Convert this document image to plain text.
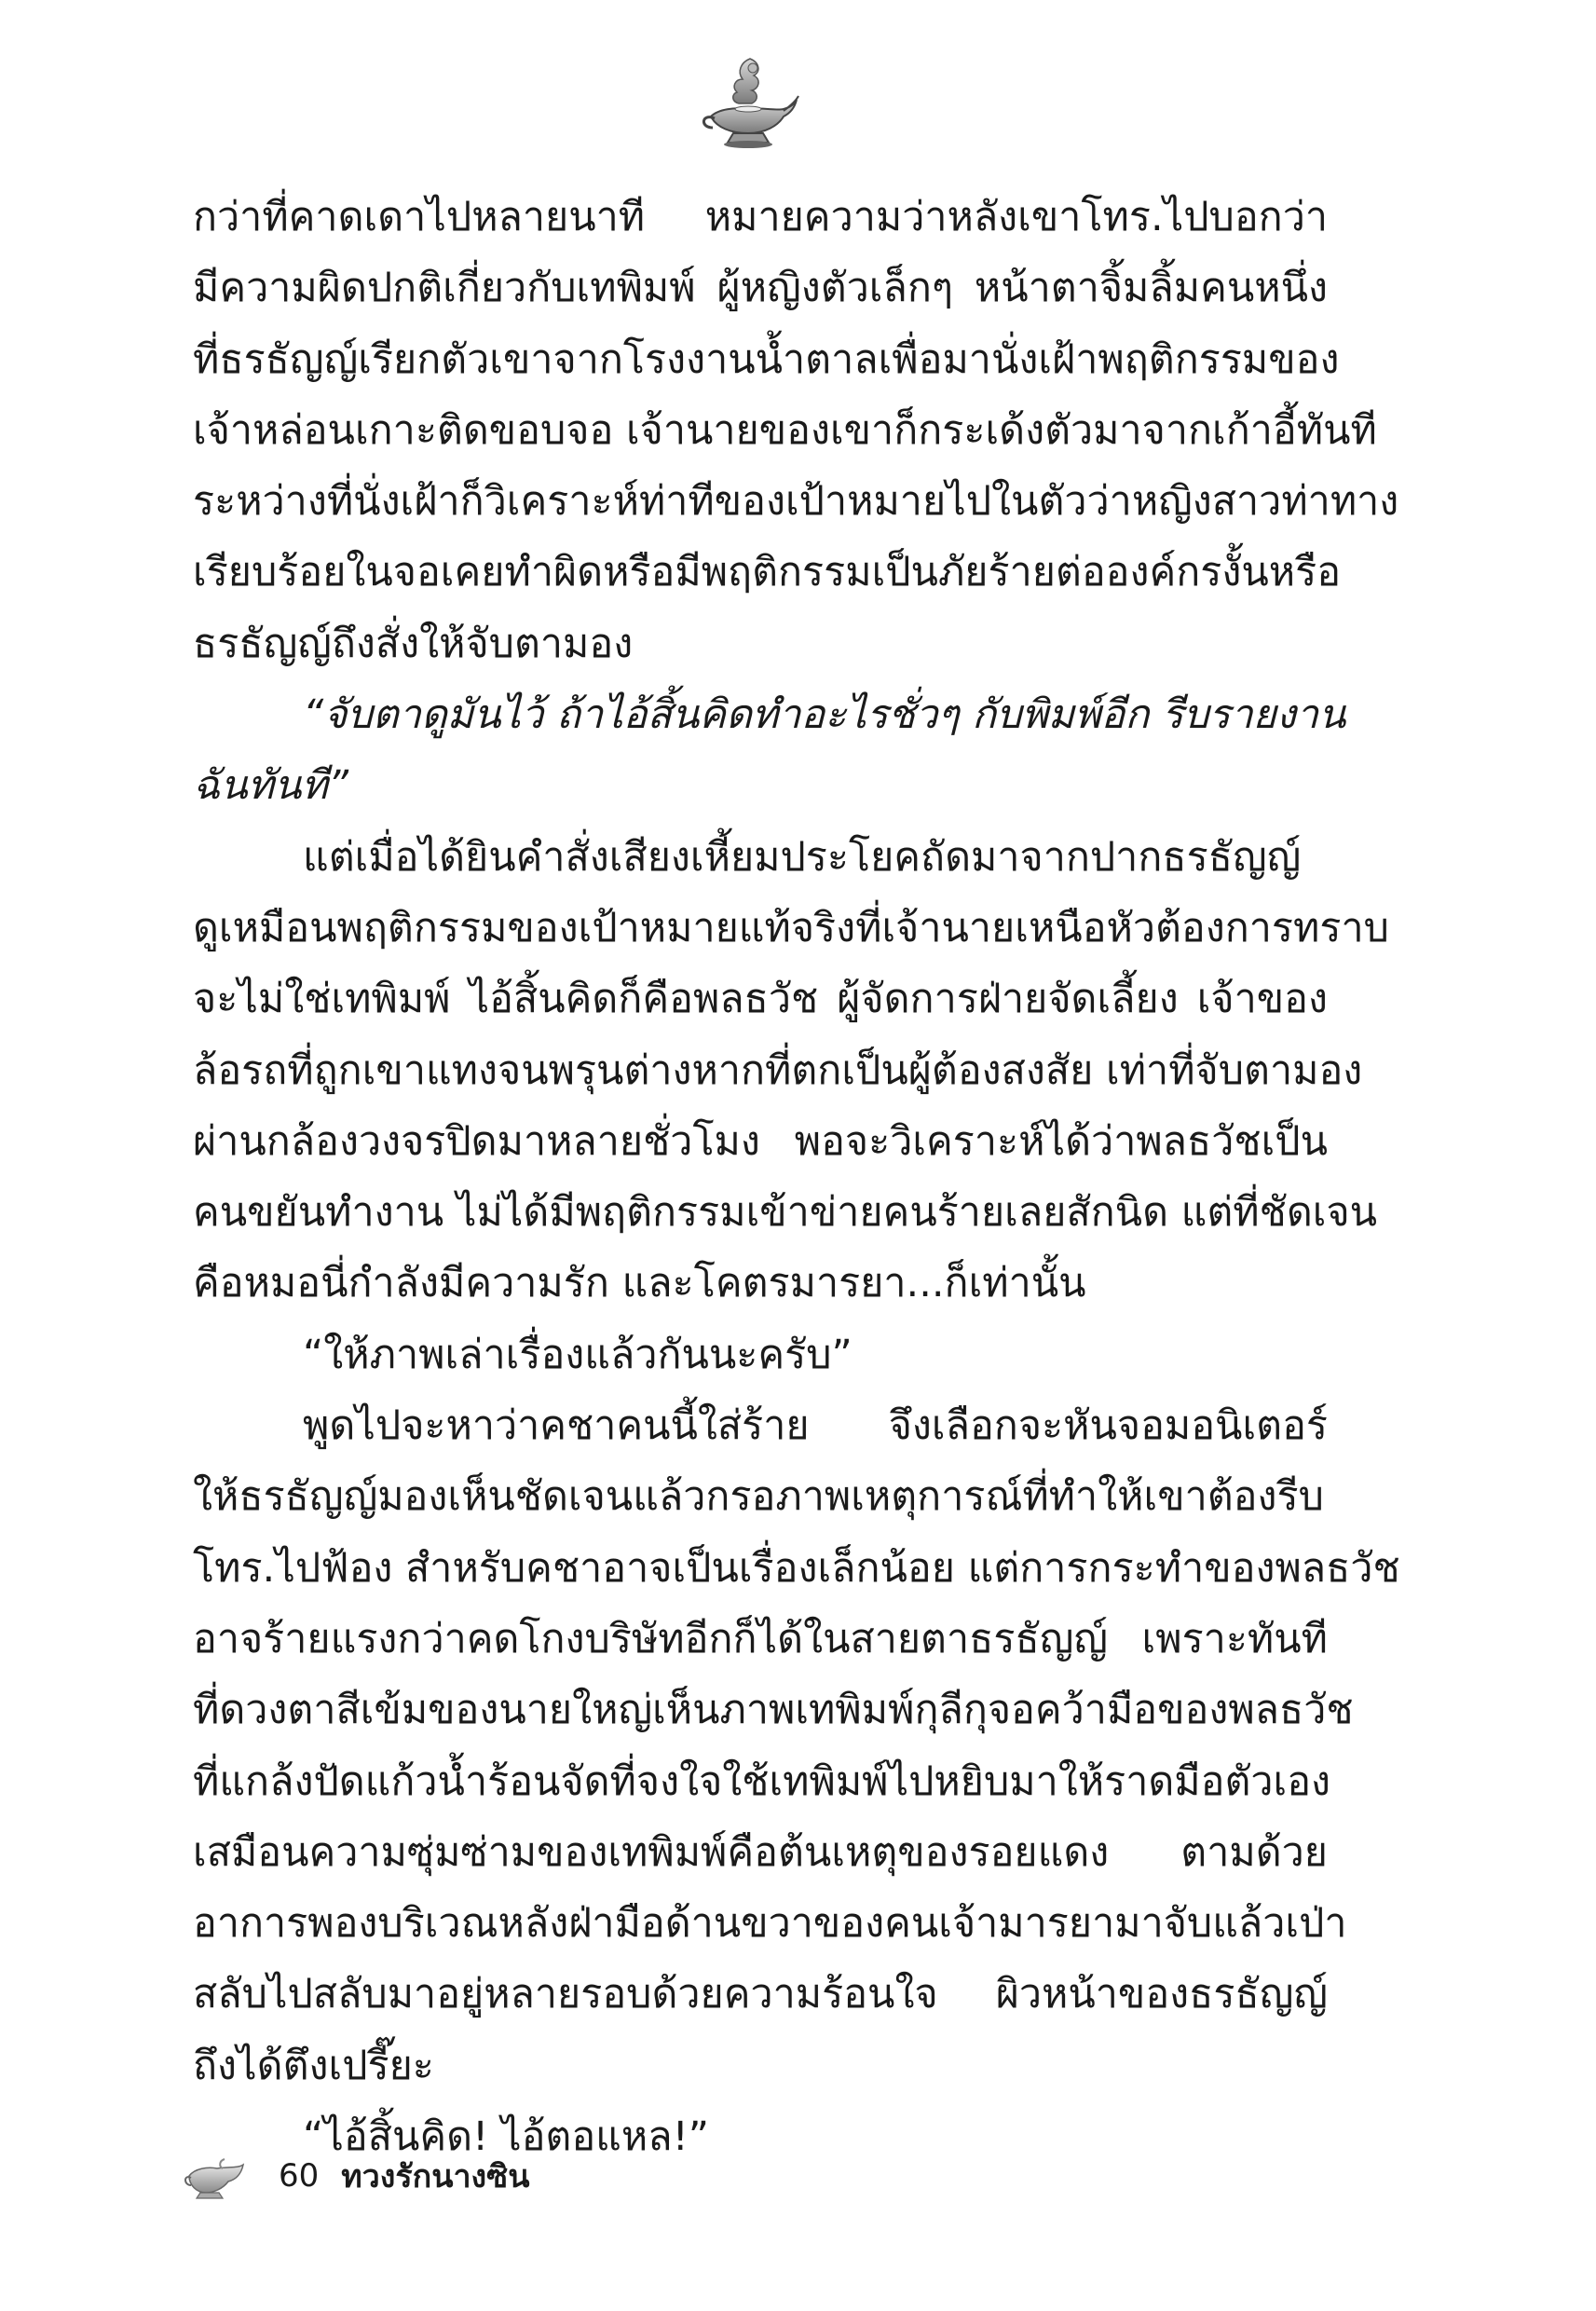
กว่าที่คาดเดาไปหลายนาที หมายความว่าหลังเขาโทร.ไปบอกว่า
มีความผิดปกติเกี่ยวกับเทพิมพ์ ผู้หญิงตัวเล็กๆ หน้าตาจิ้มลิ้มคนหนึ่ง
ที่ธรธัญญ์เรียกตัวเขาจากโรงงานน้ำตาลเพื่อมานั่งเฝ้าพฤติกรรมของ
เจ้าหล่อนเกาะติดขอบจอ เจ้านายของเขาก็กระเด้งตัวมาจากเก้าอี้ทันที
ระหว่างที่นั่งเฝ้าก็วิเคราะห์ท่าทีของเป้าหมายไปในตัวว่าหญิงสาวท่าทาง
เรียบร้อยในจอเคยทำผิดหรือมีพฤติกรรมเป็นภัยร้ายต่อองค์กรงั้นหรือ
ธรธัญญ์ถึงสั่งให้จับตามอง
“จับตาดูมันไว้ ถ้าไอ้สิ้นคิดทำอะไรชั่วๆ กับพิมพ์อีก รีบรายงาน
ฉันทันที”
แต่เมื่อได้ยินคำสั่งเสียงเหี้ยมประโยคถัดมาจากปากธรธัญญ์
ดูเหมือนพฤติกรรมของเป้าหมายแท้จริงที่เจ้านายเหนือหัวต้องการทราบ
จะไม่ใช่เทพิมพ์ ไอ้สิ้นคิดก็คือพลธวัช ผู้จัดการฝ่ายจัดเลี้ยง เจ้าของ
ล้อรถที่ถูกเขาแทงจนพรุนต่างหากที่ตกเป็นผู้ต้องสงสัย เท่าที่จับตามอง
ผ่านกล้องวงจรปิดมาหลายชั่วโมง พอจะวิเคราะห์ได้ว่าพลธวัชเป็น
คนขยันทำงาน ไม่ได้มีพฤติกรรมเข้าข่ายคนร้ายเลยสักนิด แต่ที่ชัดเจน
คือหมอนี่กำลังมีความรัก และโคตรมารยา...ก็เท่านั้น
“ให้ภาพเล่าเรื่องแล้วกันนะครับ”
พูดไปจะหาว่าคชาคนนี้ใส่ร้าย จึงเลือกจะหันจอมอนิเตอร์
ให้ธรธัญญ์มองเห็นชัดเจนแล้วกรอภาพเหตุการณ์ที่ทำให้เขาต้องรีบ
โทร.ไปฟ้อง สำหรับคชาอาจเป็นเรื่องเล็กน้อย แต่การกระทำของพลธวัช
อาจร้ายแรงกว่าคดโกงบริษัทอีกก็ได้ในสายตาธรธัญญ์ เพราะทันที
ที่ดวงตาสีเข้มของนายใหญ่เห็นภาพเทพิมพ์กุลีกุจอคว้ามือของพลธวัช
ที่แกล้งปัดแก้วน้ำร้อนจัดที่จงใจใช้เทพิมพ์ไปหยิบมาให้ราดมือตัวเอง
เสมือนความซุ่มซ่ามของเทพิมพ์คือต้นเหตุของรอยแดง ตามด้วย
อาการพองบริเวณหลังฝ่ามือด้านขวาของคนเจ้ามารยามาจับแล้วเป่า
สลับไปสลับมาอยู่หลายรอบด้วยความร้อนใจ ผิวหน้าของธรธัญญ์
ถึงได้ตึงเปรี๊ยะ
“ไอ้สิ้นคิด! ไอ้ตอแหล!”
60 ทวงรักนางซิน
